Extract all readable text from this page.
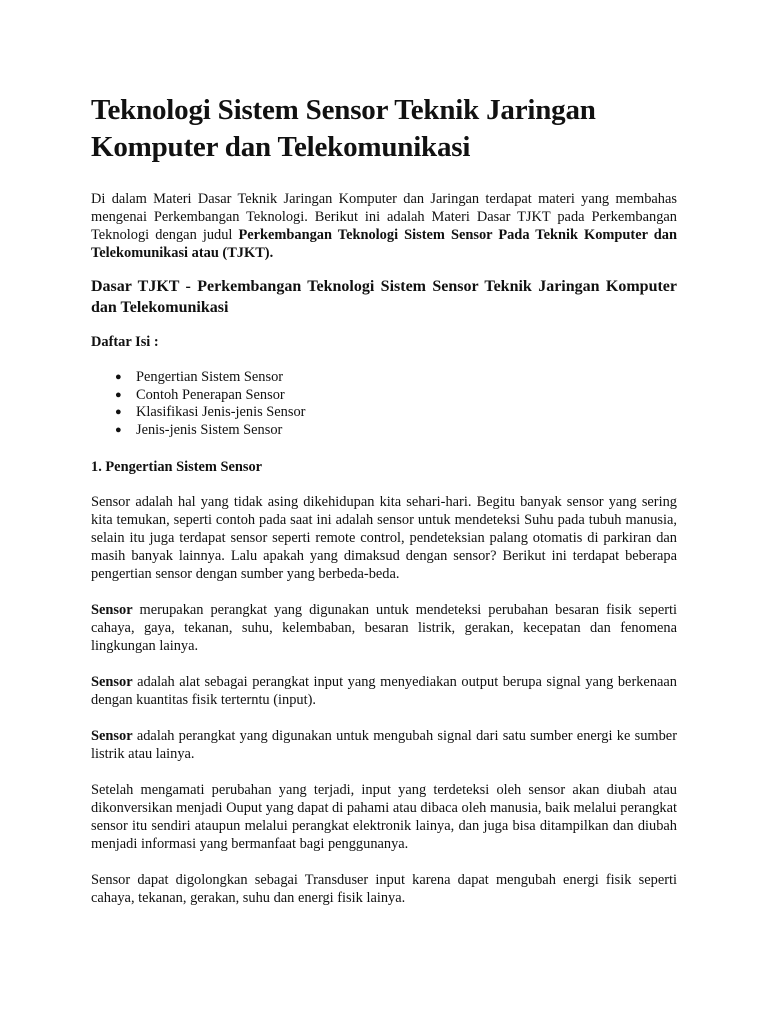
Teknologi Sistem Sensor Teknik Jaringan Komputer dan Telekomunikasi

Di dalam Materi Dasar Teknik Jaringan Komputer dan Jaringan terdapat materi yang membahas mengenai Perkembangan Teknologi. Berikut ini adalah Materi Dasar TJKT pada Perkembangan Teknologi dengan judul Perkembangan Teknologi Sistem Sensor Pada Teknik Komputer dan Telekomunikasi atau (TJKT).

Dasar TJKT - Perkembangan Teknologi Sistem Sensor Teknik Jaringan Komputer dan Telekomunikasi

Daftar Isi :

● Pengertian Sistem Sensor
● Contoh Penerapan Sensor
● Klasifikasi Jenis-jenis Sensor
● Jenis-jenis Sistem Sensor

1. Pengertian Sistem Sensor

Sensor adalah hal yang tidak asing dikehidupan kita sehari-hari. Begitu banyak sensor yang sering kita temukan, seperti contoh pada saat ini adalah sensor untuk mendeteksi Suhu pada tubuh manusia, selain itu juga terdapat sensor seperti remote control, pendeteksian palang otomatis di parkiran dan masih banyak lainnya. Lalu apakah yang dimaksud dengan sensor? Berikut ini terdapat beberapa pengertian sensor dengan sumber yang berbeda-beda.

Sensor merupakan perangkat yang digunakan untuk mendeteksi perubahan besaran fisik seperti cahaya, gaya, tekanan, suhu, kelembaban, besaran listrik, gerakan, kecepatan dan fenomena lingkungan lainya.

Sensor adalah alat sebagai perangkat input yang menyediakan output berupa signal yang berkenaan dengan kuantitas fisik terterntu (input).

Sensor adalah perangkat yang digunakan untuk mengubah signal dari satu sumber energi ke sumber listrik atau lainya.

Setelah mengamati perubahan yang terjadi, input yang terdeteksi oleh sensor akan diubah atau dikonversikan menjadi Ouput yang dapat di pahami atau dibaca oleh manusia, baik melalui perangkat sensor itu sendiri ataupun melalui perangkat elektronik lainya, dan juga bisa ditampilkan dan diubah menjadi informasi yang bermanfaat bagi penggunanya.

Sensor dapat digolongkan sebagai Transduser input karena dapat mengubah energi fisik seperti cahaya, tekanan, gerakan, suhu dan energi fisik lainya.
